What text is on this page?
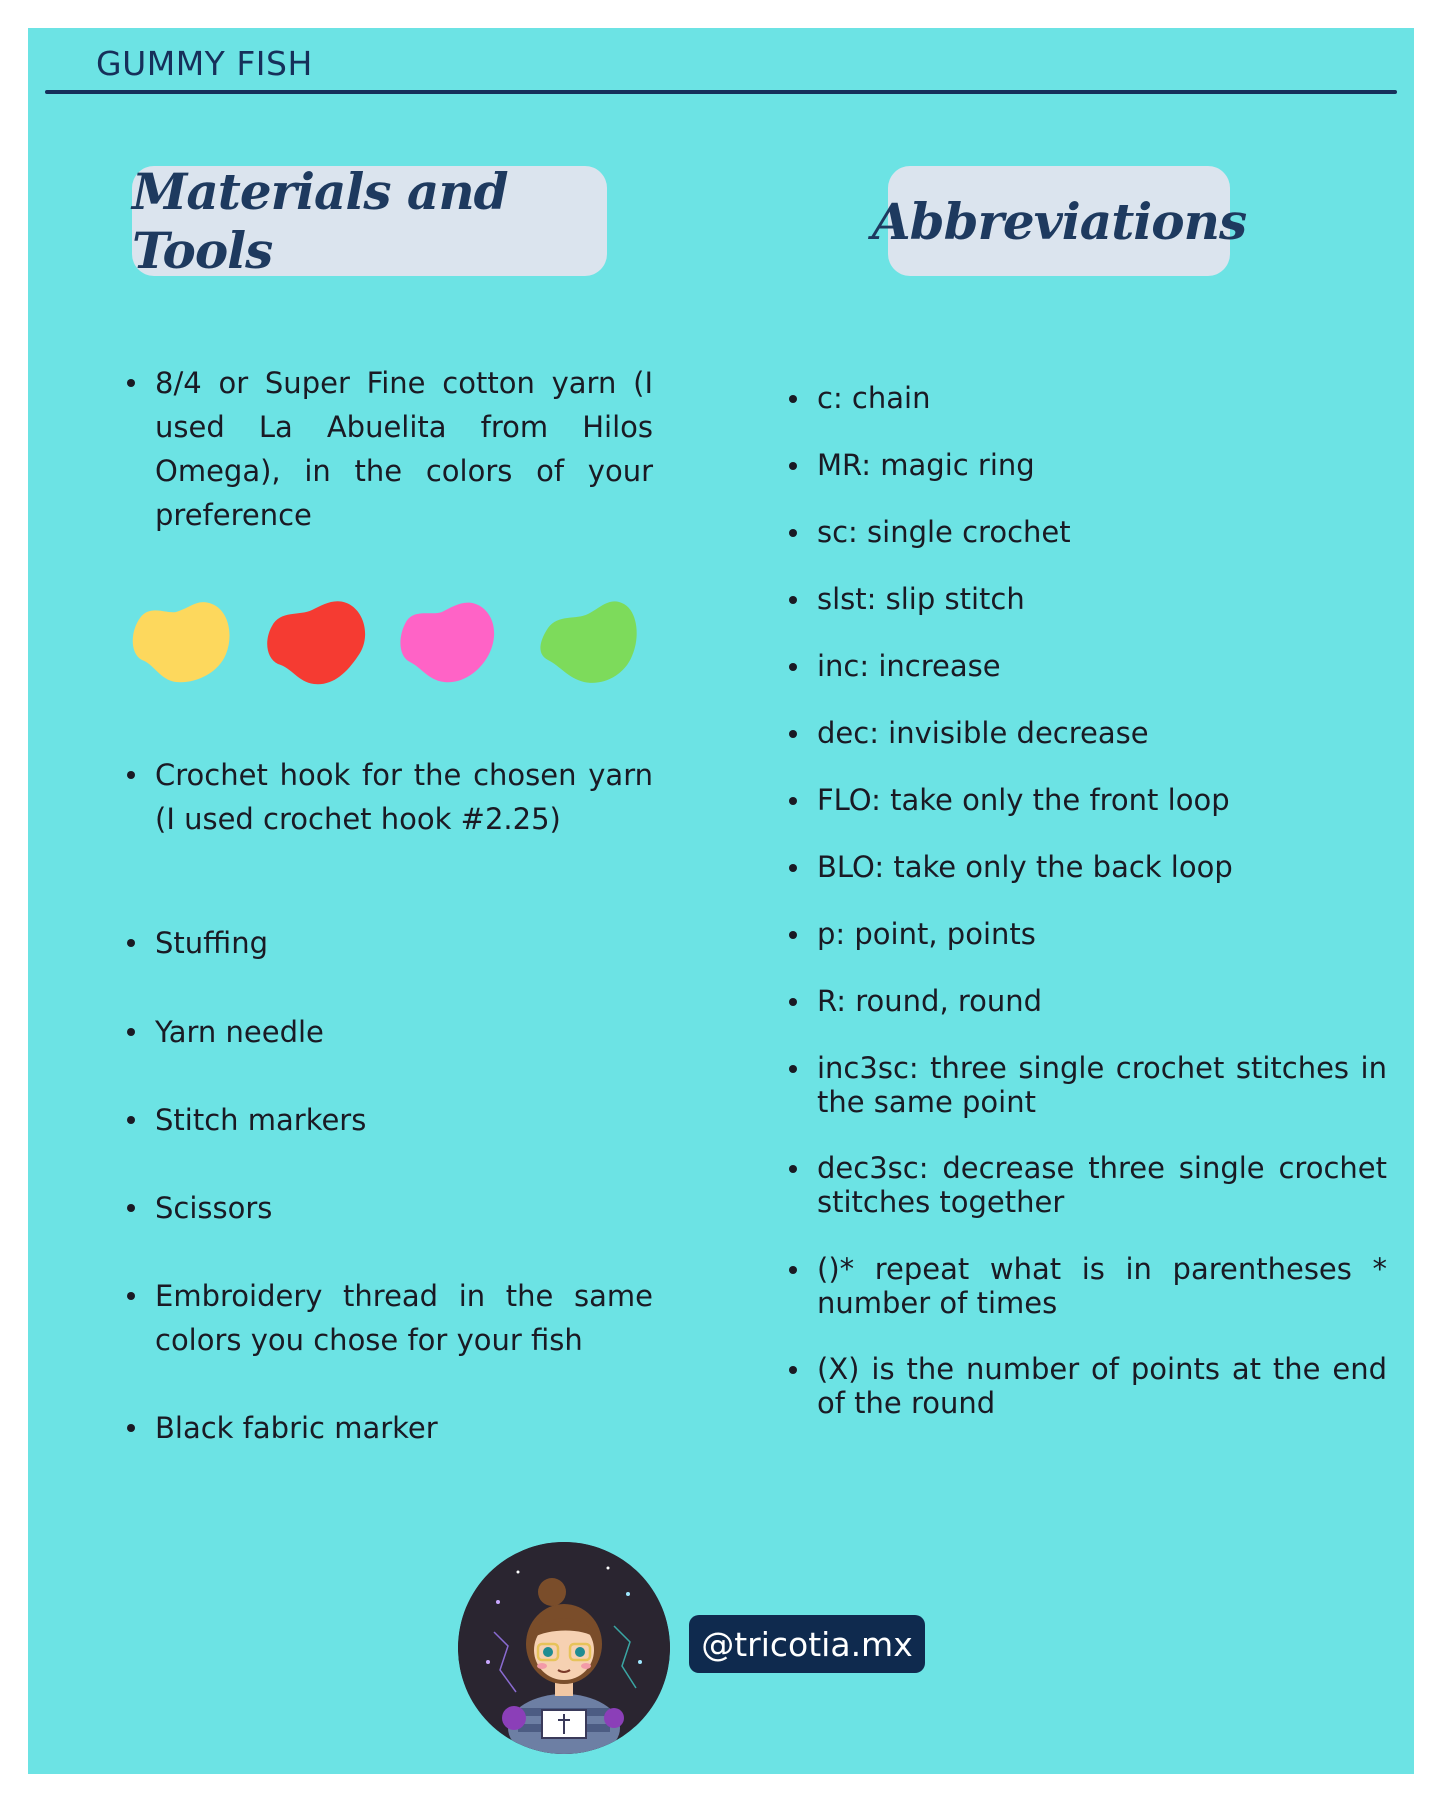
GUMMY FISH
Materials and Tools	Abbreviations
8/4 or Super Fine cotton yarn (I used La Abuelita from Hilos Omega), in the colors of your preference
Crochet hook for the chosen yarn (I used crochet hook #2.25)
Stuffing
Yarn needle
Stitch markers
Scissors
Embroidery thread in the same colors you chose for your fish
Black fabric marker
c: chain
MR: magic ring
sc: single crochet
slst: slip stitch
inc: increase
dec: invisible decrease
FLO: take only the front loop
BLO: take only the back loop
p: point, points
R: round, round
inc3sc: three single crochet stitches in the same point
dec3sc: decrease three single crochet stitches together
()* repeat what is in parentheses * number of times
(X) is the number of points at the end of the round
@tricotia.mx
